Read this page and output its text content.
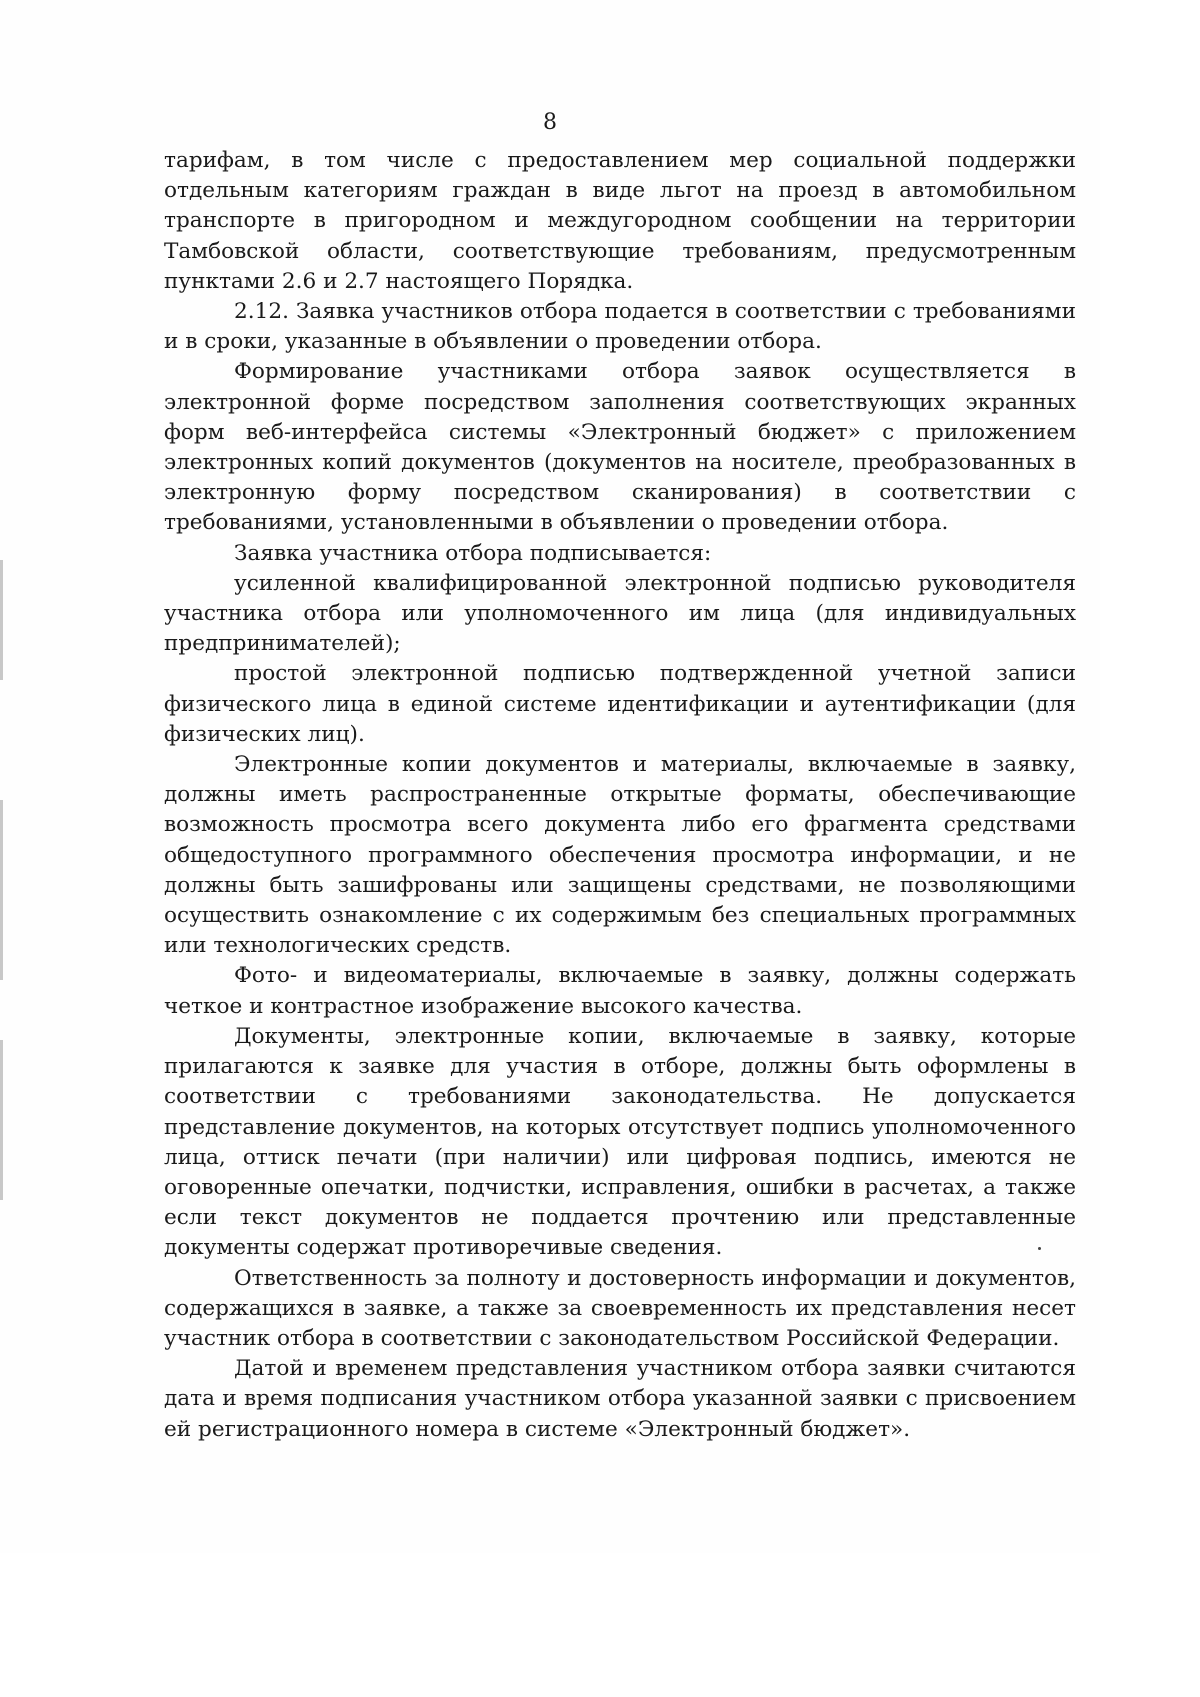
8

тарифам, в том числе с предоставлением мер социальной поддержки отдельным категориям граждан в виде льгот на проезд в автомобильном транспорте в пригородном и междугородном сообщении на территории Тамбовской области, соответствующие требованиям, предусмотренным пунктами 2.6 и 2.7 настоящего Порядка.

2.12. Заявка участников отбора подается в соответствии с требованиями и в сроки, указанные в объявлении о проведении отбора.

Формирование участниками отбора заявок осуществляется в электронной форме посредством заполнения соответствующих экранных форм веб-интерфейса системы «Электронный бюджет» с приложением электронных копий документов (документов на носителе, преобразованных в электронную форму посредством сканирования) в соответствии с требованиями, установленными в объявлении о проведении отбора.

Заявка участника отбора подписывается:

усиленной квалифицированной электронной подписью руководителя участника отбора или уполномоченного им лица (для индивидуальных предпринимателей);

простой электронной подписью подтвержденной учетной записи физического лица в единой системе идентификации и аутентификации (для физических лиц).

Электронные копии документов и материалы, включаемые в заявку, должны иметь распространенные открытые форматы, обеспечивающие возможность просмотра всего документа либо его фрагмента средствами общедоступного программного обеспечения просмотра информации, и не должны быть зашифрованы или защищены средствами, не позволяющими осуществить ознакомление с их содержимым без специальных программных или технологических средств.

Фото- и видеоматериалы, включаемые в заявку, должны содержать четкое и контрастное изображение высокого качества.

Документы, электронные копии, включаемые в заявку, которые прилагаются к заявке для участия в отборе, должны быть оформлены в соответствии с требованиями законодательства. Не допускается представление документов, на которых отсутствует подпись уполномоченного лица, оттиск печати (при наличии) или цифровая подпись, имеются не оговоренные опечатки, подчистки, исправления, ошибки в расчетах, а также если текст документов не поддается прочтению или представленные документы содержат противоречивые сведения.

Ответственность за полноту и достоверность информации и документов, содержащихся в заявке, а также за своевременность их представления несет участник отбора в соответствии с законодательством Российской Федерации.

Датой и временем представления участником отбора заявки считаются дата и время подписания участником отбора указанной заявки с присвоением ей регистрационного номера в системе «Электронный бюджет».
